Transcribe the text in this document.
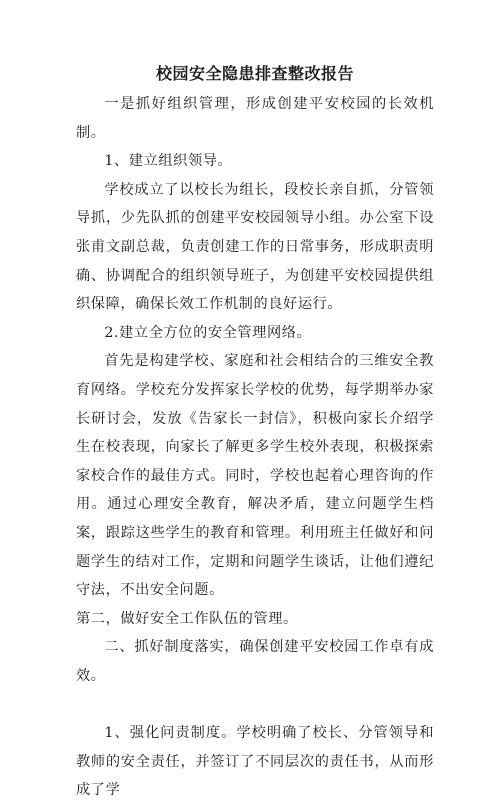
校园安全隐患排查整改报告

一是抓好组织管理，形成创建平安校园的长效机制。

1、建立组织领导。

学校成立了以校长为组长，段校长亲自抓，分管领导抓，少先队抓的创建平安校园领导小组。办公室下设张甫文副总裁，负责创建工作的日常事务，形成职责明确、协调配合的组织领导班子，为创建平安校园提供组织保障，确保长效工作机制的良好运行。

2.建立全方位的安全管理网络。

首先是构建学校、家庭和社会相结合的三维安全教育网络。学校充分发挥家长学校的优势，每学期举办家长研讨会，发放《告家长一封信》，积极向家长介绍学生在校表现，向家长了解更多学生校外表现，积极探索家校合作的最佳方式。同时，学校也起着心理咨询的作用。通过心理安全教育，解决矛盾，建立问题学生档案，跟踪这些学生的教育和管理。利用班主任做好和问题学生的结对工作，定期和问题学生谈话，让他们遵纪守法，不出安全问题。

第二，做好安全工作队伍的管理。

二、抓好制度落实，确保创建平安校园工作卓有成效。

1、强化问责制度。学校明确了校长、分管领导和教师的安全责任，并签订了不同层次的责任书，从而形成了学
